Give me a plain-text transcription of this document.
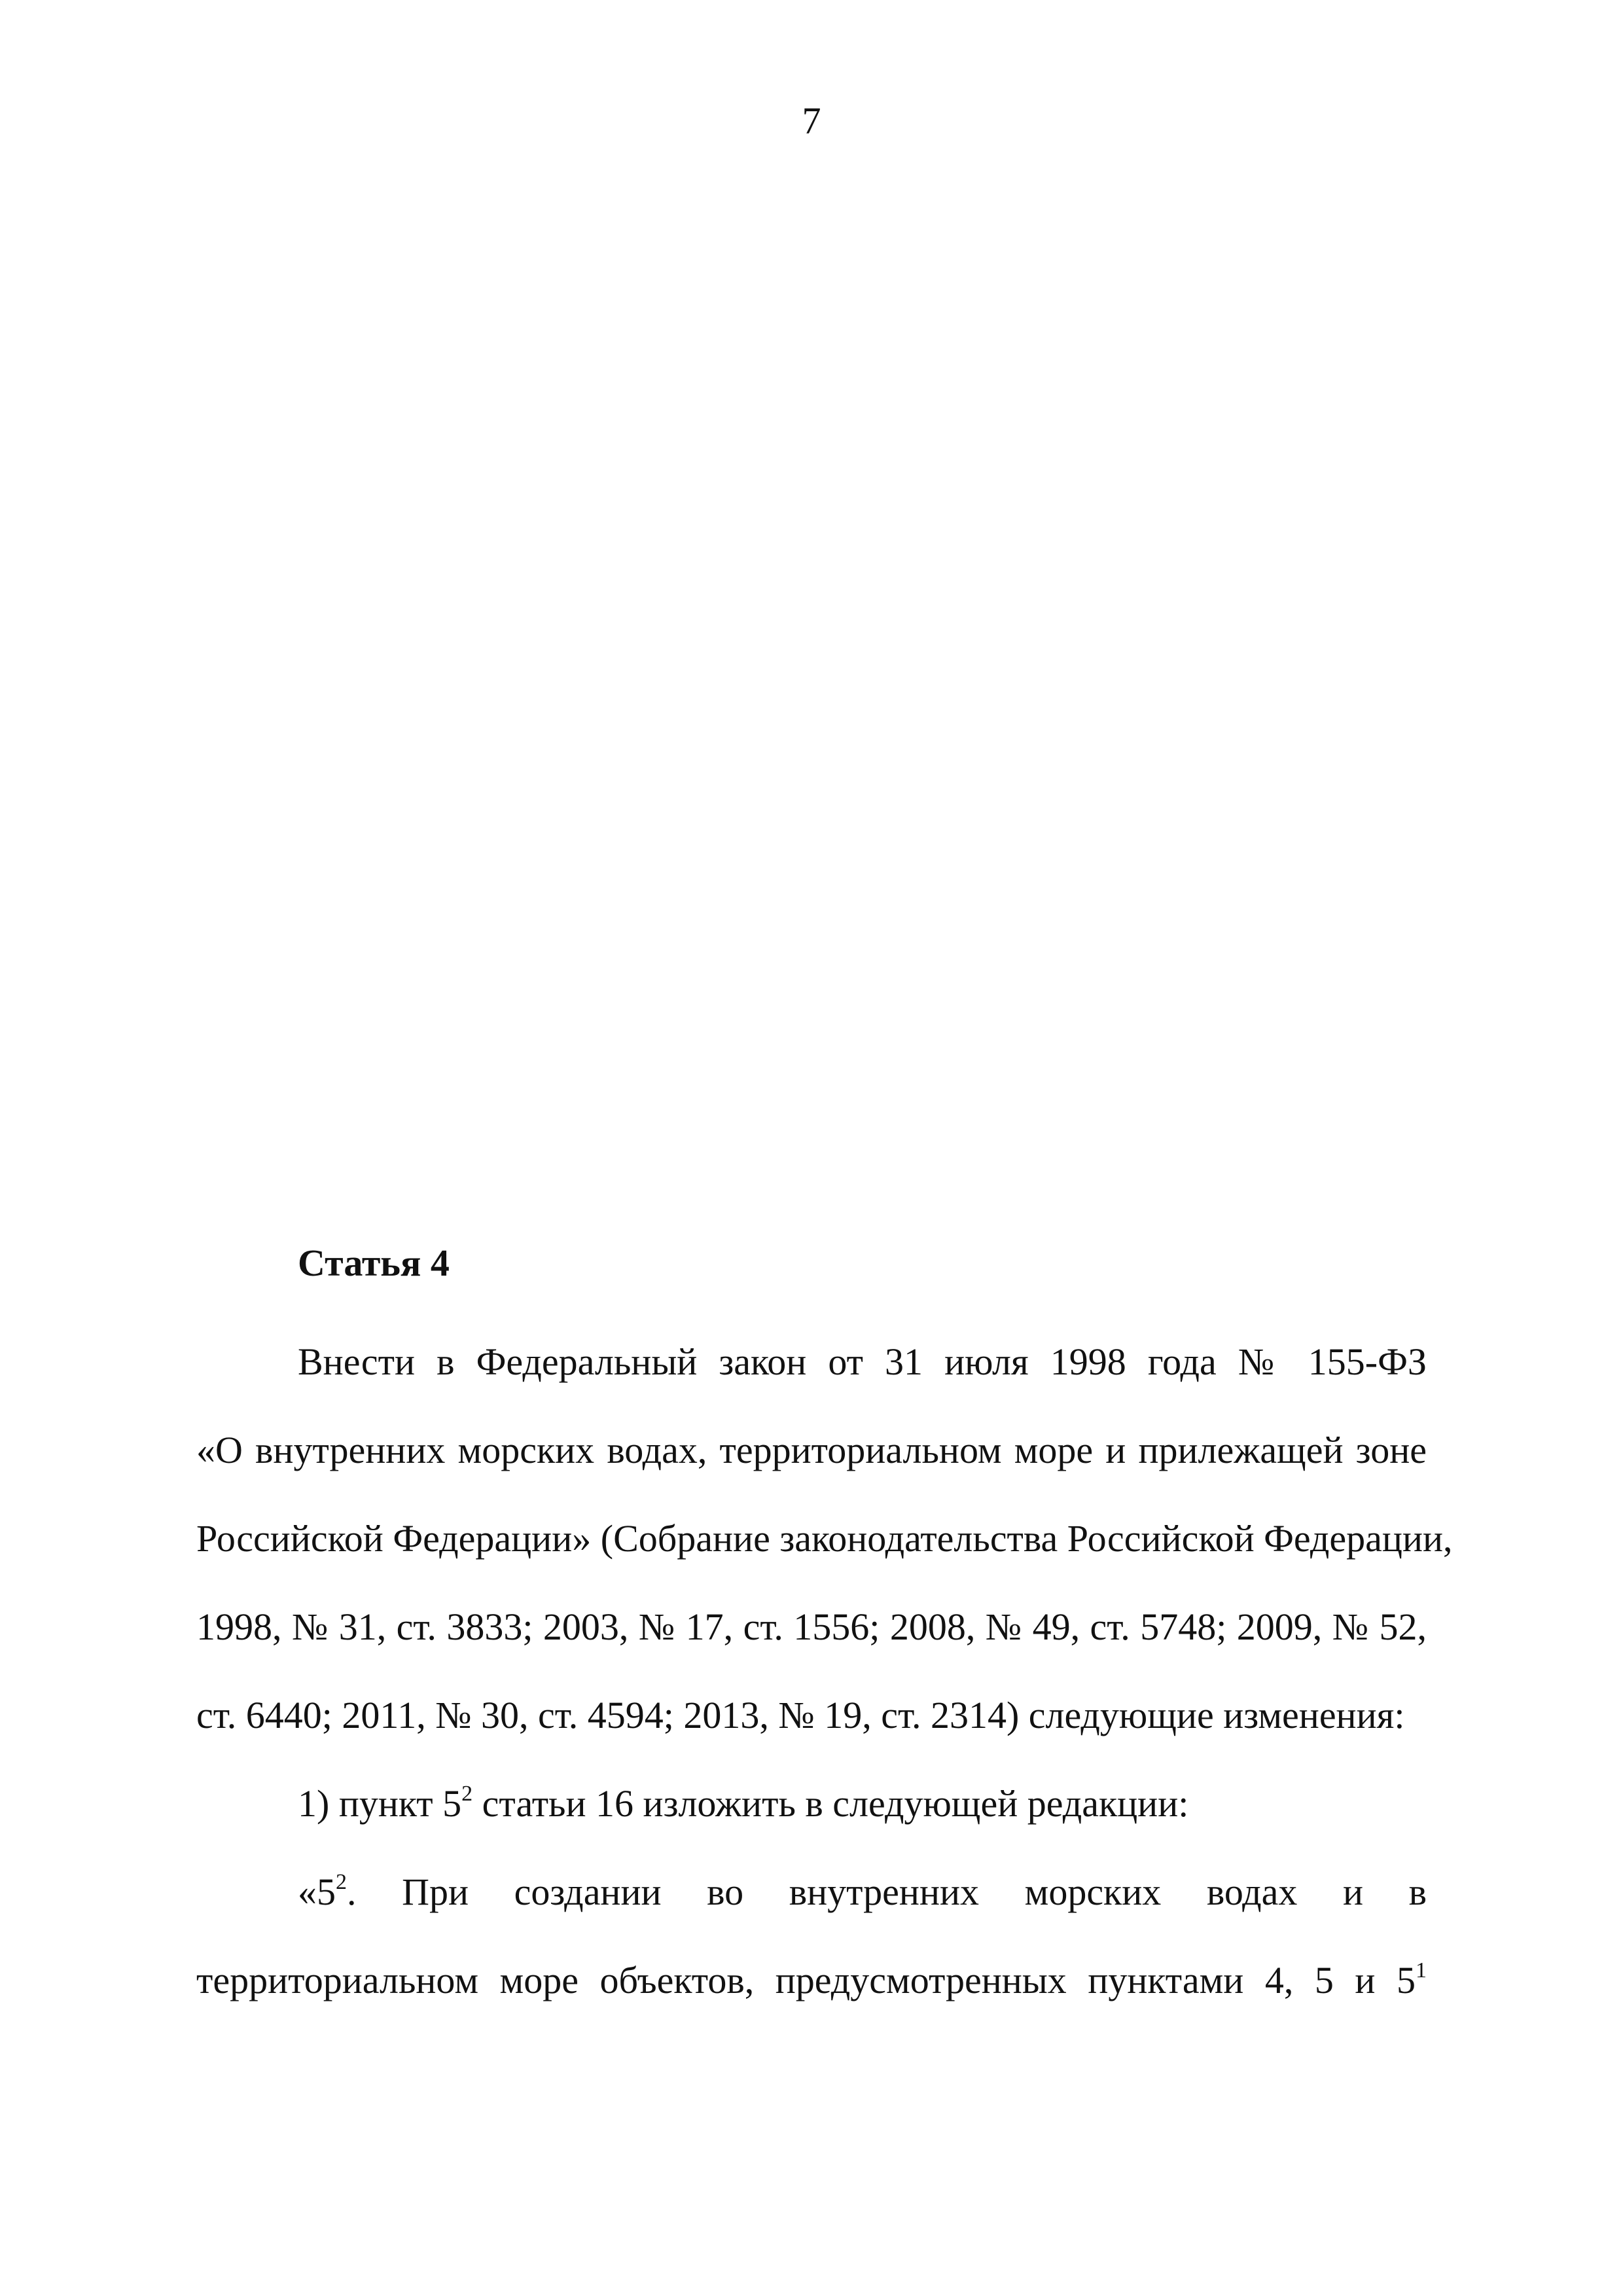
7
Статья 4
Внести в Федеральный закон от 31 июля 1998 года № 155-ФЗ
«О внутренних морских водах, территориальном море и прилежащей зоне
Российской Федерации» (Собрание законодательства Российской Федерации,
1998, № 31, ст. 3833; 2003, № 17, ст. 1556; 2008, № 49, ст. 5748; 2009, № 52,
ст. 6440; 2011, № 30, ст. 4594; 2013, № 19, ст. 2314) следующие изменения:
1) пункт $5^2$ статьи 16 изложить в следующей редакции:
«$5^2$. При создании во внутренних морских водах и в
территориальном море объектов, предусмотренных пунктами 4, 5 и $5^1$
